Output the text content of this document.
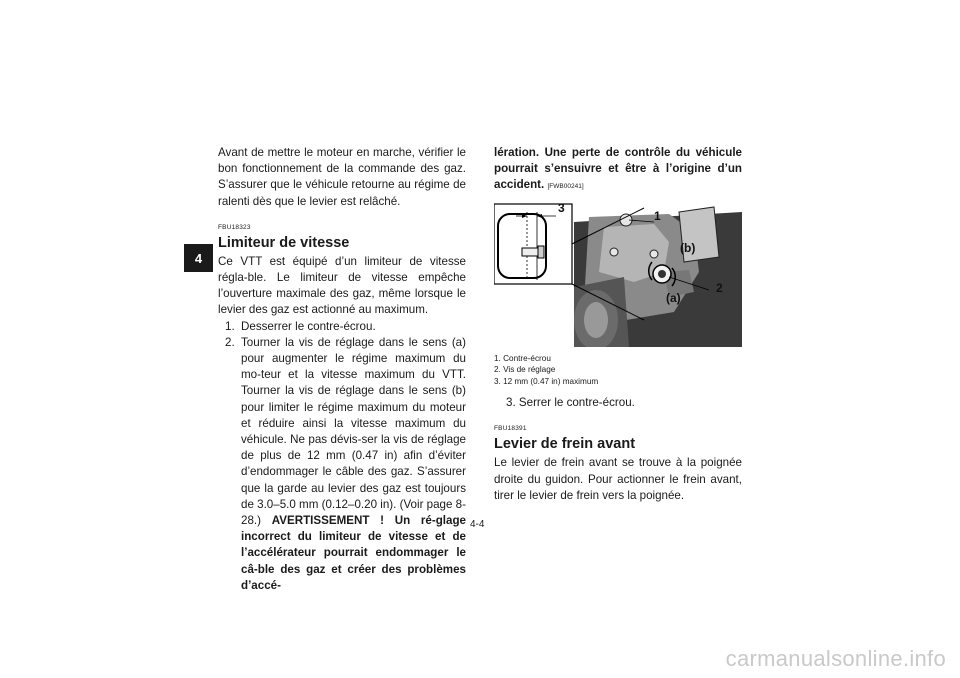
4

Avant de mettre le moteur en marche, vérifier le bon fonctionnement de la commande des gaz. S’assurer que le véhicule retourne au régime de ralenti dès que le levier est relâché.

FBU18323
Limiteur de vitesse

Ce VTT est équipé d’un limiteur de vitesse régla-ble. Le limiteur de vitesse empêche l’ouverture maximale des gaz, même lorsque le levier des gaz est actionné au maximum.

1. Desserrer le contre-écrou.
2. Tourner la vis de réglage dans le sens (a) pour augmenter le régime maximum du mo-teur et la vitesse maximum du VTT. Tourner la vis de réglage dans le sens (b) pour limiter le régime maximum du moteur et réduire ainsi la vitesse maximum du véhicule. Ne pas dévis-ser la vis de réglage de plus de 12 mm (0.47 in) afin d’éviter d’endommager le câble des gaz. S’assurer que la garde au levier des gaz est toujours de 3.0–5.0 mm (0.12–0.20 in). (Voir page 8-28.) AVERTISSEMENT ! Un ré-glage incorrect du limiteur de vitesse et de l’accélérateur pourrait endommager le câ-ble des gaz et créer des problèmes d’accé-

lération. Une perte de contrôle du véhicule pourrait s’ensuivre et être à l’origine d’un accident. [FWB00241]

3
1
(b)
2
(a)
1. Contre-écrou
2. Vis de réglage
3. 12 mm (0.47 in) maximum

3. Serrer le contre-écrou.

FBU18391
Levier de frein avant

Le levier de frein avant se trouve à la poignée droite du guidon. Pour actionner le frein avant, tirer le levier de frein vers la poignée.

4-4
carmanualsonline.info
